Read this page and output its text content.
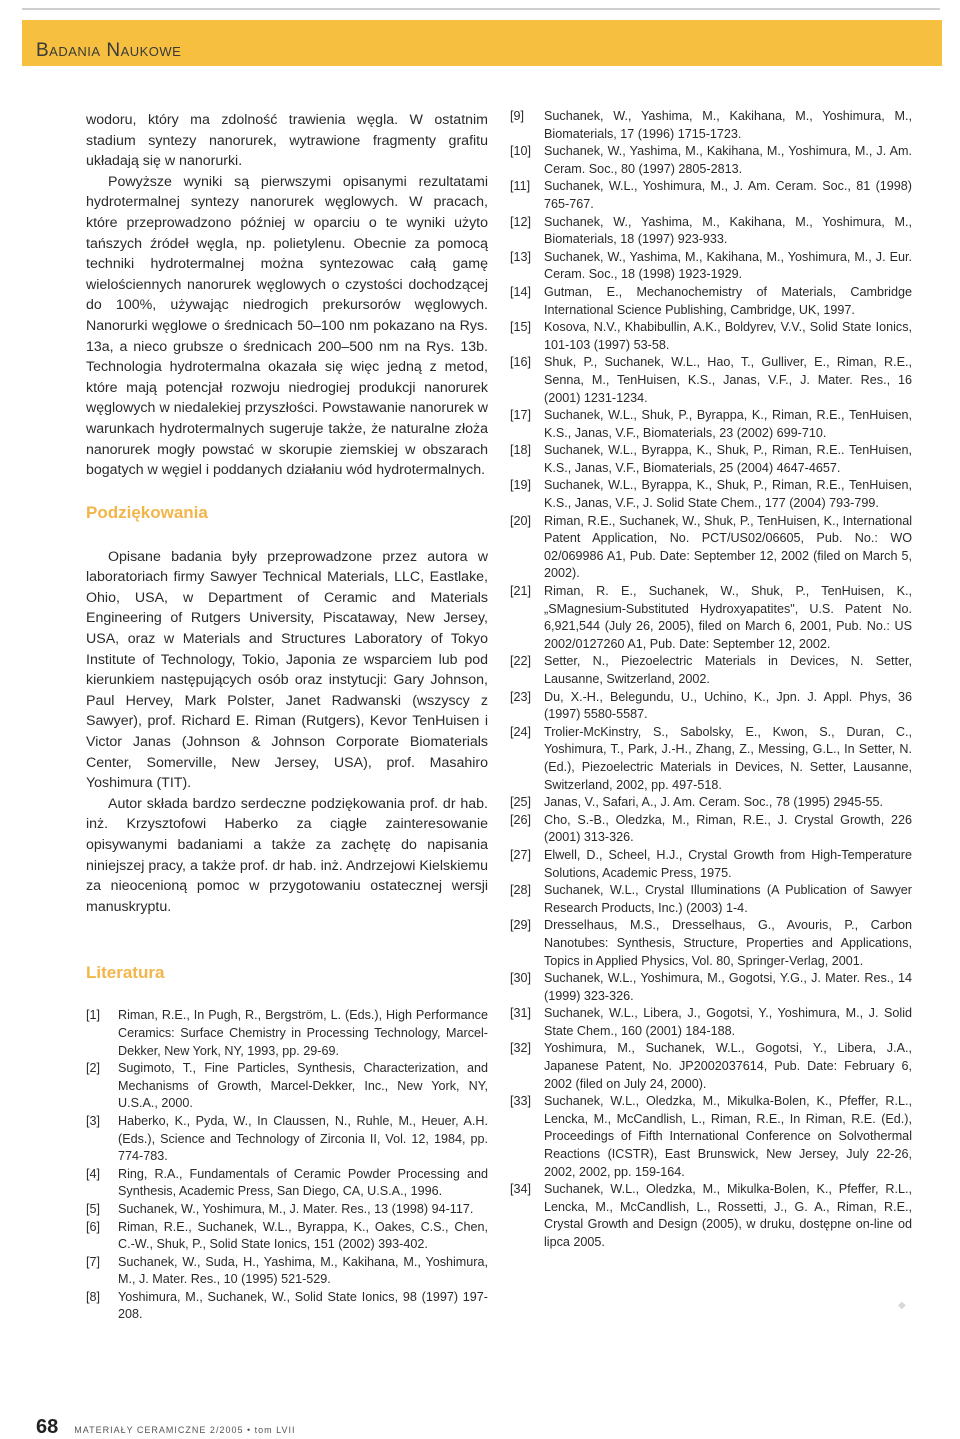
Badania Naukowe

wodoru, który ma zdolność trawienia węgla. W ostatnim stadium syntezy nanorurek, wytrawione fragmenty grafitu układają się w nanorurki.

Powyższe wyniki są pierwszymi opisanymi rezultatami hydrotermalnej syntezy nanorurek węglowych. W pracach, które przeprowadzono później w oparciu o te wyniki użyto tańszych źródeł węgla, np. polietylenu. Obecnie za pomocą techniki hydrotermalnej można syntezowac całą gamę wielościennych nanorurek węglowych o czystości dochodzącej do 100%, używając niedrogich prekursorów węglowych. Nanorurki węglowe o średnicach 50–100 nm pokazano na Rys. 13a, a nieco grubsze o średnicach 200–500 nm na Rys. 13b. Technologia hydrotermalna okazała się więc jedną z metod, które mają potencjał rozwoju niedrogiej produkcji nanorurek węglowych w niedalekiej przyszłości. Powstawanie nanorurek w warunkach hydrotermalnych sugeruje także, że naturalne złoża nanorurek mogły powstać w skorupie ziemskiej w obszarach bogatych w węgiel i poddanych działaniu wód hydrotermalnych.

Podziękowania

Opisane badania były przeprowadzone przez autora w laboratoriach firmy Sawyer Technical Materials, LLC, Eastlake, Ohio, USA, w Department of Ceramic and Materials Engineering of Rutgers University, Piscataway, New Jersey, USA, oraz w Materials and Structures Laboratory of Tokyo Institute of Technology, Tokio, Japonia ze wsparciem lub pod kierunkiem następujących osób oraz instytucji: Gary Johnson, Paul Hervey, Mark Polster, Janet Radwanski (wszyscy z Sawyer), prof. Richard E. Riman (Rutgers), Kevor TenHuisen i Victor Janas (Johnson & Johnson Corporate Biomaterials Center, Somerville, New Jersey, USA), prof. Masahiro Yoshimura (TIT).

Autor składa bardzo serdeczne podziękowania prof. dr hab. inż. Krzysztofowi Haberko za ciągłe zainteresowanie opisywanymi badaniami a także za zachętę do napisania niniejszej pracy, a także prof. dr hab. inż. Andrzejowi Kielskiemu za nieocenioną pomoc w przygotowaniu ostatecznej wersji manuskryptu.

Literatura
[1]	Riman, R.E., In Pugh, R., Bergström, L. (Eds.), High Performance Ceramics: Surface Chemistry in Processing Technology, Marcel-Dekker, New York, NY, 1993, pp. 29-69.
[2]	Sugimoto, T., Fine Particles, Synthesis, Characterization, and Mechanisms of Growth, Marcel-Dekker, Inc., New York, NY, U.S.A., 2000.
[3]	Haberko, K., Pyda, W., In Claussen, N., Ruhle, M., Heuer, A.H. (Eds.), Science and Technology of Zirconia II, Vol. 12, 1984, pp. 774-783.
[4]	Ring, R.A., Fundamentals of Ceramic Powder Processing and Synthesis, Academic Press, San Diego, CA, U.S.A., 1996.
[5]	Suchanek, W., Yoshimura, M., J. Mater. Res., 13 (1998) 94-117.
[6]	Riman, R.E., Suchanek, W.L., Byrappa, K., Oakes, C.S., Chen, C.-W., Shuk, P., Solid State Ionics, 151 (2002) 393-402.
[7]	Suchanek, W., Suda, H., Yashima, M., Kakihana, M., Yoshimura, M., J. Mater. Res., 10 (1995) 521-529.
[8]	Yoshimura, M., Suchanek, W., Solid State Ionics, 98 (1997) 197-208.
[9]	Suchanek, W., Yashima, M., Kakihana, M., Yoshimura, M., Biomaterials, 17 (1996) 1715-1723.
[10]	Suchanek, W., Yashima, M., Kakihana, M., Yoshimura, M., J. Am. Ceram. Soc., 80 (1997) 2805-2813.
[11]	Suchanek, W.L., Yoshimura, M., J. Am. Ceram. Soc., 81 (1998) 765-767.
[12]	Suchanek, W., Yashima, M., Kakihana, M., Yoshimura, M., Biomaterials, 18 (1997) 923-933.
[13]	Suchanek, W., Yashima, M., Kakihana, M., Yoshimura, M., J. Eur. Ceram. Soc., 18 (1998) 1923-1929.
[14]	Gutman, E., Mechanochemistry of Materials, Cambridge International Science Publishing, Cambridge, UK, 1997.
[15]	Kosova, N.V., Khabibullin, A.K., Boldyrev, V.V., Solid State Ionics, 101-103 (1997) 53-58.
[16]	Shuk, P., Suchanek, W.L., Hao, T., Gulliver, E., Riman, R.E., Senna, M., TenHuisen, K.S., Janas, V.F., J. Mater. Res., 16 (2001) 1231-1234.
[17]	Suchanek, W.L., Shuk, P., Byrappa, K., Riman, R.E., TenHuisen, K.S., Janas, V.F., Biomaterials, 23 (2002) 699-710.
[18]	Suchanek, W.L., Byrappa, K., Shuk, P., Riman, R.E.. TenHuisen, K.S., Janas, V.F., Biomaterials, 25 (2004) 4647-4657.
[19]	Suchanek, W.L., Byrappa, K., Shuk, P., Riman, R.E., TenHuisen, K.S., Janas, V.F., J. Solid State Chem., 177 (2004) 793-799.
[20]	Riman, R.E., Suchanek, W., Shuk, P., TenHuisen, K., International Patent Application, No. PCT/US02/06605, Pub. No.: WO 02/069986 A1, Pub. Date: September 12, 2002 (filed on March 5, 2002).
[21]	Riman, R. E., Suchanek, W., Shuk, P., TenHuisen, K., „SMagnesium-Substituted Hydroxyapatites", U.S. Patent No. 6,921,544 (July 26, 2005), filed on March 6, 2001, Pub. No.: US 2002/0127260 A1, Pub. Date: September 12, 2002.
[22]	Setter, N., Piezoelectric Materials in Devices, N. Setter, Lausanne, Switzerland, 2002.
[23]	Du, X.-H., Belegundu, U., Uchino, K., Jpn. J. Appl. Phys, 36 (1997) 5580-5587.
[24]	Trolier-McKinstry, S., Sabolsky, E., Kwon, S., Duran, C., Yoshimura, T., Park, J.-H., Zhang, Z., Messing, G.L., In Setter, N. (Ed.), Piezoelectric Materials in Devices, N. Setter, Lausanne, Switzerland, 2002, pp. 497-518.
[25]	Janas, V., Safari, A., J. Am. Ceram. Soc., 78 (1995) 2945-55.
[26]	Cho, S.-B., Oledzka, M., Riman, R.E., J. Crystal Growth, 226 (2001) 313-326.
[27]	Elwell, D., Scheel, H.J., Crystal Growth from High-Temperature Solutions, Academic Press, 1975.
[28]	Suchanek, W.L., Crystal Illuminations (A Publication of Sawyer Research Products, Inc.) (2003) 1-4.
[29]	Dresselhaus, M.S., Dresselhaus, G., Avouris, P., Carbon Nanotubes: Synthesis, Structure, Properties and Applications, Topics in Applied Physics, Vol. 80, Springer-Verlag, 2001.
[30]	Suchanek, W.L., Yoshimura, M., Gogotsi, Y.G., J. Mater. Res., 14 (1999) 323-326.
[31]	Suchanek, W.L., Libera, J., Gogotsi, Y., Yoshimura, M., J. Solid State Chem., 160 (2001) 184-188.
[32]	Yoshimura, M., Suchanek, W.L., Gogotsi, Y., Libera, J.A., Japanese Patent, No. JP2002037614, Pub. Date: February 6, 2002 (filed on July 24, 2000).
[33]	Suchanek, W.L., Oledzka, M., Mikulka-Bolen, K., Pfeffer, R.L., Lencka, M., McCandlish, L., Riman, R.E., In Riman, R.E. (Ed.), Proceedings of Fifth International Conference on Solvothermal Reactions (ICSTR), East Brunswick, New Jersey, July 22-26, 2002, 2002, pp. 159-164.
[34]	Suchanek, W.L., Oledzka, M., Mikulka-Bolen, K., Pfeffer, R.L., Lencka, M., McCandlish, L., Rossetti, J., G. A., Riman, R.E., Crystal Growth and Design (2005), w druku, dostępne on-line od lipca 2005.
68 MATERIAŁY CERAMICZNE 2/2005 • tom LVII
◆
